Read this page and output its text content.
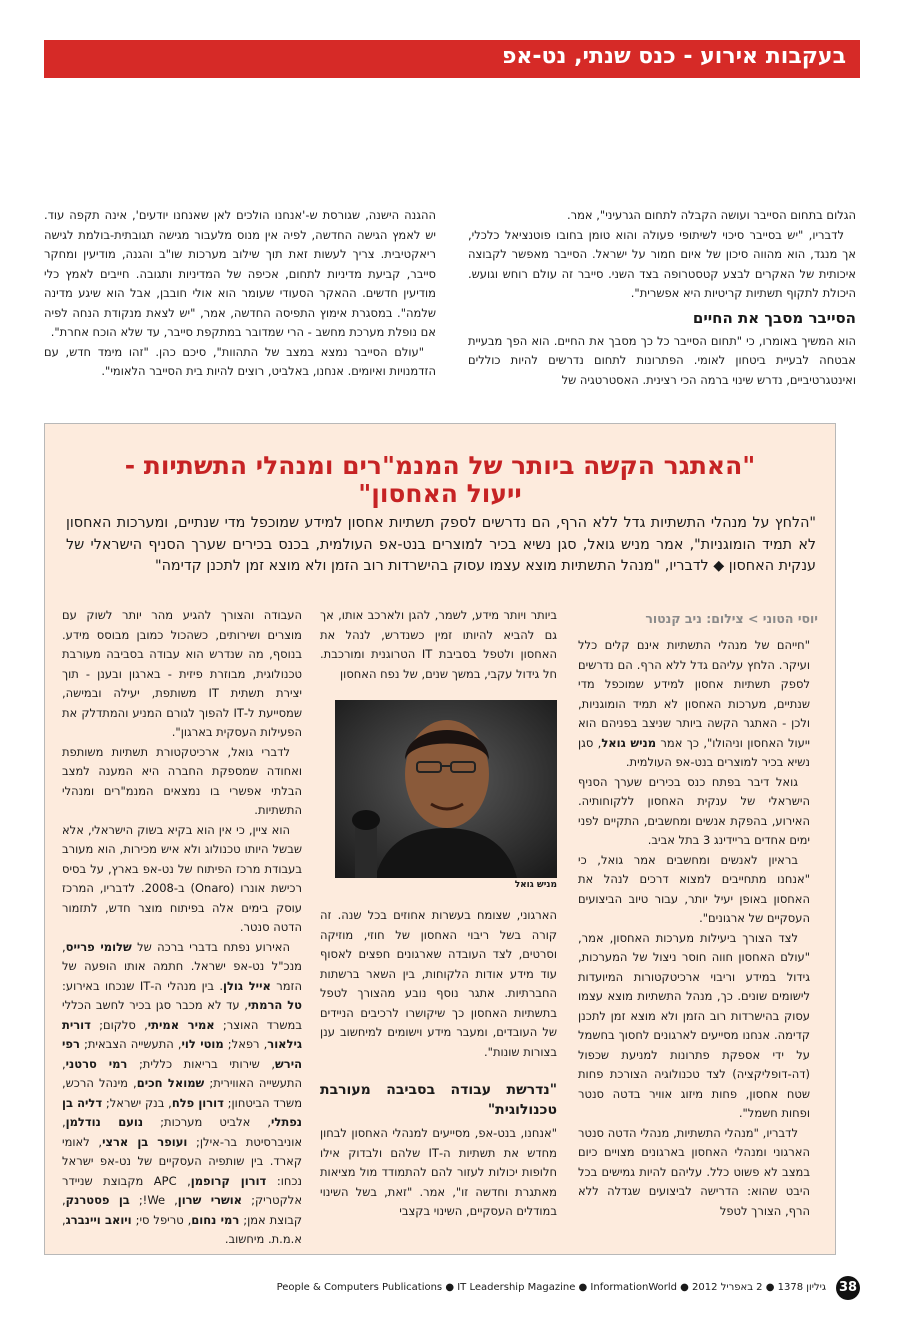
בעקבות אירוע - כנס שנתי, נט-אפ

הגלום בתחום הסייבר ועושה הקבלה לתחום הגרעיני", אמר.

לדבריו, "יש בסייבר סיכוי לשיתופי פעולה והוא טומן בחובו פוטנציאל כלכלי, אך מנגד, הוא מהווה סיכון של איום חמור על ישראל. הסייבר מאפשר לקבוצה איכותית של האקרים לבצע קטסטרופה בצד השני. סייבר זה עולם רוחש וגועש. היכולת לתקוף תשתיות קריטיות היא אפשרית".

הסייבר מסבך את החיים

הוא המשיך באומרו, כי "תחום הסייבר כל כך מסבך את החיים. הוא הפך מבעיית אבטחה לבעיית ביטחון לאומי. הפתרונות לתחום נדרשים להיות כוללים ואינטגרטיביים, נדרש שינוי ברמה הכי רצינית. האסטרטגיה של

ההגנה הישנה, שגורסת ש-'אנחנו הולכים לאן שאנחנו יודעים', אינה תקפה עוד. יש לאמץ הגישה החדשה, לפיה אין מנוס מלעבור מגישה תגובתית-בולמת לגישה ריאקטיבית. צריך לעשות זאת תוך שילוב מערכות שו"ב והגנה, מודיעין ומחקר סייבר, קביעת מדיניות לתחום, אכיפה של המדיניות ותגובה. חייבים לאמץ כלי מודיעין חדשים. ההאקר הסעודי שעומר הוא אולי חובבן, אבל הוא שיגע מדינה שלמה". במסגרת אימוץ התפיסה החדשה, אמר, "יש לצאת מנקודת הנחה לפיה אם נופלת מערכת מחשב - הרי שמדובר במתקפת סייבר, עד שלא הוכח אחרת".

"עולם הסייבר נמצא במצב של התהוות", סיכם כהן. "זהו מימד חדש, עם הזדמנויות ואיומים. אנחנו, באלביט, רוצים להיות בית הסייבר הלאומי".

"האתגר הקשה ביותר של המנמ"רים ומנהלי התשתיות -
ייעול האחסון"
"הלחץ על מנהלי התשתיות גדל ללא הרף, הם נדרשים לספק תשתיות אחסון למידע שמוכפל מדי שנתיים, ומערכות האחסון לא תמיד הומוגניות", אמר מניש גואל, סגן נשיא בכיר למוצרים בנט-אפ העולמית, בכנס בכירים שערך הסניף הישראלי של ענקית האחסון ◆ לדבריו, "מנהל התשתיות מוצא עצמו עסוק בהישרדות רוב הזמן ולא מוצא זמן לתכנן קדימה"
יוסי הטוני > צילום: ניב קנטור

"חייהם של מנהלי התשתיות אינם קלים כלל ועיקר. הלחץ עליהם גדל ללא הרף. הם נדרשים לספק תשתיות אחסון למידע שמוכפל מדי שנתיים, מערכות האחסון לא תמיד הומוגניות, ולכן - האתגר הקשה ביותר שניצב בפניהם הוא ייעול האחסון וניהולו", כך אמר מניש גואל, סגן נשיא בכיר למוצרים בנט-אפ העולמית.

גואל דיבר בפתח כנס בכירים שערך הסניף הישראלי של ענקית האחסון ללקוחותיה. האירוע, בהפקת אנשים ומחשבים, התקיים לפני ימים אחדים בריידינג 3 בתל אביב.

בראיון לאנשים ומחשבים אמר גואל, כי "אנחנו מתחייבים למצוא דרכים לנהל את האחסון באופן יעיל יותר, עבור טיוב הביצועים העסקיים של ארגונים".

לצד הצורך ביעילות מערכות האחסון, אמר, "עולם האחסון חווה חוסר ניצול של המערכות, גידול במידע וריבוי ארכיטקטורות המיועדות לישומים שונים. כך, מנהל התשתיות מוצא עצמו עסוק בהישרדות רוב הזמן ולא מוצא זמן לתכנן קדימה. אנחנו מסייעים לארגונים לחסוך בחשמל על ידי אספקת פתרונות למניעת שכפול (דה-דופליקציה) לצד טכנולוגיה הצורכת פחות שטח אחסון, פחות מיזוג אוויר בדטה סנטר ופחות חשמל".

לדבריו, "מנהלי התשתיות, מנהלי הדטה סנטר הארגוני ומנהלי האחסון בארגונים מצויים כיום במצב לא פשוט כלל. עליהם להיות גמישים בכל היבט שהוא: הדרישה לביצועים שגדלה ללא הרף, הצורך לטפל

ביותר ויותר מידע, לשמר, להגן ולארכב אותו, אך גם להביא להיותו זמין כשנדרש, לנהל את האחסון ולטפל בסביבת IT הטרוגנית ומורכבת. חל גידול עקבי, במשך שנים, של נפח האחסון

מניש גואל

הארגוני, שצומח בעשרות אחוזים בכל שנה. זה קורה בשל ריבוי האחסון של חוזי, מוזיקה וסרטים, לצד העובדה שארגונים חפצים לאסוף עוד מידע אודות הלקוחות, בין השאר ברשתות החברתיות. אתגר נוסף נובע מהצורך לטפל בתשתיות האחסון כך שיקושרו לרכיבים הניידים של העובדים, ומעבר מידע וישומים למיחשוב ענן בצורות שונות".

"נדרשת עבודה בסביבה מעורבת טכנולוגית"

"אנחנו, בנט-אפ, מסייעים למנהלי האחסון לבחון מחדש את תשתיות ה-IT שלהם ולבדוק אילו חלופות יכולות לעזור להם להתמודד מול מציאות מאתגרת וחדשה זו", אמר. "זאת, בשל השינוי במודלים העסקיים, השינוי בקצבי

העבודה והצורך להגיע מהר יותר לשוק עם מוצרים ושירותים, כשהכול כמובן מבוסס מידע. בנוסף, מה שנדרש הוא עבודה בסביבה מעורבת טכנולוגית, מבוזרת פיזית - בארגון ובענן - תוך יצירת תשתית IT משותפת, יעילה ובמישה, שמסייעת ל-IT להפוך לגורם המניע והמתדלק את הפעילות העסקית בארגון".

לדברי גואל, ארכיטקטורת תשתיות משותפת ואחודה שמספקת החברה היא המענה למצב הבלתי אפשרי בו נמצאים המנמ"רים ומנהלי התשתיות.

הוא ציין, כי אין הוא בקיא בשוק הישראלי, אלא שבשל היותו טכנולוג ולא איש מכירות, הוא מעורב בעבודת מרכז הפיתוח של נט-אפ בארץ, על בסיס רכישת אונרו (Onaro) ב-2008. לדבריו, המרכז עוסק בימים אלה בפיתוח מוצר חדש, לתזמור הדטה סנטר.

האירוע נפתח בדברי ברכה של שלומי פרייס, מנכ"ל נט-אפ ישראל. חתמה אותו הופעה של הזמר אייל גולן. בין מנהלי ה-IT שנכחו באירוע: טל הרמתי, עד לא מכבר סגן בכיר לחשב הכללי במשרד האוצר; אמיר אמיתי, סלקום; דורית גילאור, רפאל; מוטי לוי, התעשייה הצבאית; רפי הירש, שירותי בריאות כללית; רמי סרטני, התעשייה האווירית; שמואל חכים, מינהל הרכש, משרד הביטחון; דורון פלח, בנק ישראל; דליה בן נפתלי, אלביט מערכות; נועם נודלמן, אוניברסיטת בר-אילן; ועופר בן ארצי, לאומי קארד. בין שותפיה העסקיים של נט-אפ ישראל נכחו: דורון קרופמן, APC מקבוצת שניידר אלקטריק; אושרי שרון, We!; בן פסטרנק, קבוצת אמן; רמי נחום, טריפל סי; ויואב ויינברג, א.מ.ת. מיחשוב.

People & Computers Publications ● IT Leadership Magazine ● InformationWorld ● 2012 גיליון 1378 ● 2 באפריל 38
